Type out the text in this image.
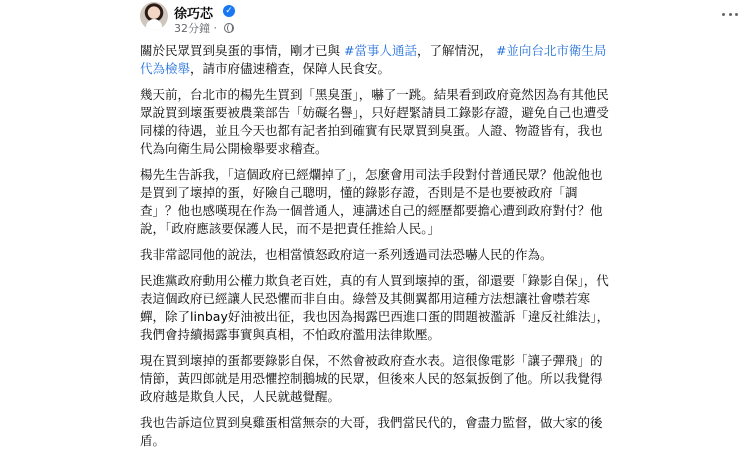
徐巧芯 ✓
32分鐘 ·

關於民眾買到臭蛋的事情，剛才已與 #當事人通話，了解情況， #並向台北市衛生局代為檢舉，請市府儘速稽查，保障人民食安。

幾天前，台北市的楊先生買到「黑臭蛋」，嚇了一跳。結果看到政府竟然因為有其他民眾說買到壞蛋要被農業部告「妨礙名譽」，只好趕緊請員工錄影存證，避免自己也遭受同樣的待遇，並且今天也都有記者拍到確實有民眾買到臭蛋。人證、物證皆有，我也代為向衛生局公開檢舉要求稽查。

楊先生告訴我，「這個政府已經爛掉了」，怎麼會用司法手段對付普通民眾？他說他也是買到了壞掉的蛋，好險自己聰明，懂的錄影存證，否則是不是也要被政府「調查」？他也感嘆現在作為一個普通人，連講述自己的經歷都要擔心遭到政府對付？他說，「政府應該要保護人民，而不是把責任推給人民。」

我非常認同他的說法，也相當憤怒政府這一系列透過司法恐嚇人民的作為。

民進黨政府動用公權力欺負老百姓，真的有人買到壞掉的蛋，卻還要「錄影自保」，代表這個政府已經讓人民恐懼而非自由。綠營及其側翼都用這種方法想讓社會噤若寒蟬，除了linbay好油被出征，我也因為揭露巴西進口蛋的問題被濫訴「違反社維法」，我們會持續揭露事實與真相，不怕政府濫用法律欺壓。

現在買到壞掉的蛋都要錄影自保，不然會被政府查水表。這很像電影「讓子彈飛」的情節，黃四郎就是用恐懼控制鵝城的民眾，但後來人民的怒氣扳倒了他。所以我覺得政府越是欺負人民，人民就越覺醒。

我也告訴這位買到臭雞蛋相當無奈的大哥，我們當民代的，會盡力監督，做大家的後盾。
